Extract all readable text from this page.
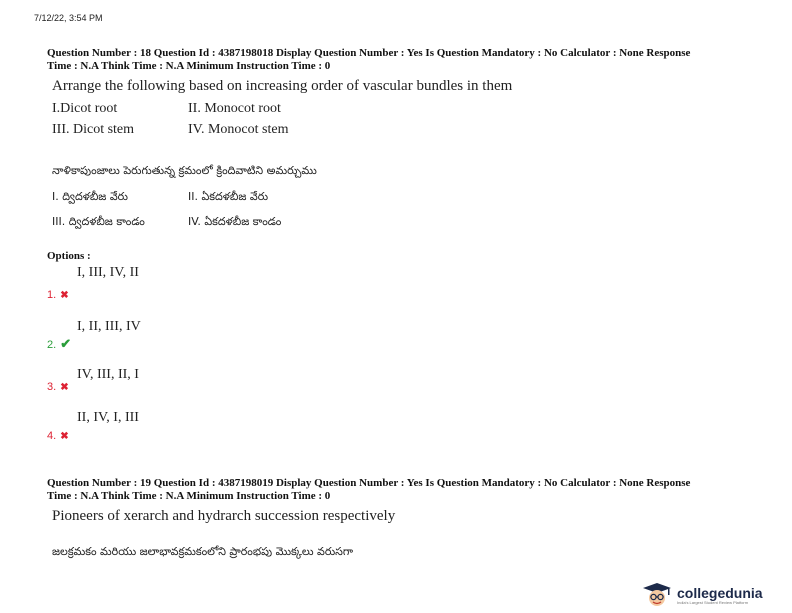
7/12/22, 3:54 PM
Question Number : 18 Question Id : 4387198018 Display Question Number : Yes Is Question Mandatory : No Calculator : None Response
Time : N.A Think Time : N.A Minimum Instruction Time : 0
Arrange the following based on increasing order of vascular bundles in them
I.Dicot root	II. Monocot root
III. Dicot stem	IV. Monocot stem
నాళికాపుంజాలు పెరుగుతున్న క్రమంలో క్రిందివాటిని అమర్చుము
I. ద్విదళబీజ వేరు	II. ఏకదళబీజ వేరు
III. ద్విదళబీజ కాండం	IV. ఏకదళబీజ కాండం
Options :
I, III, IV, II
1. ✖
I, II, III, IV
2. ✔
IV, III, II, I
3. ✖
II, IV, I, III
4. ✖
Question Number : 19 Question Id : 4387198019 Display Question Number : Yes Is Question Mandatory : No Calculator : None Response
Time : N.A Think Time : N.A Minimum Instruction Time : 0
Pioneers of xerarch and hydrarch succession respectively
జలక్రమకం మరియు జలాభావక్రమకంలోని ప్రారంభపు మొక్కలు వరుసగా
collegedunia
India's Largest Student Review Platform
